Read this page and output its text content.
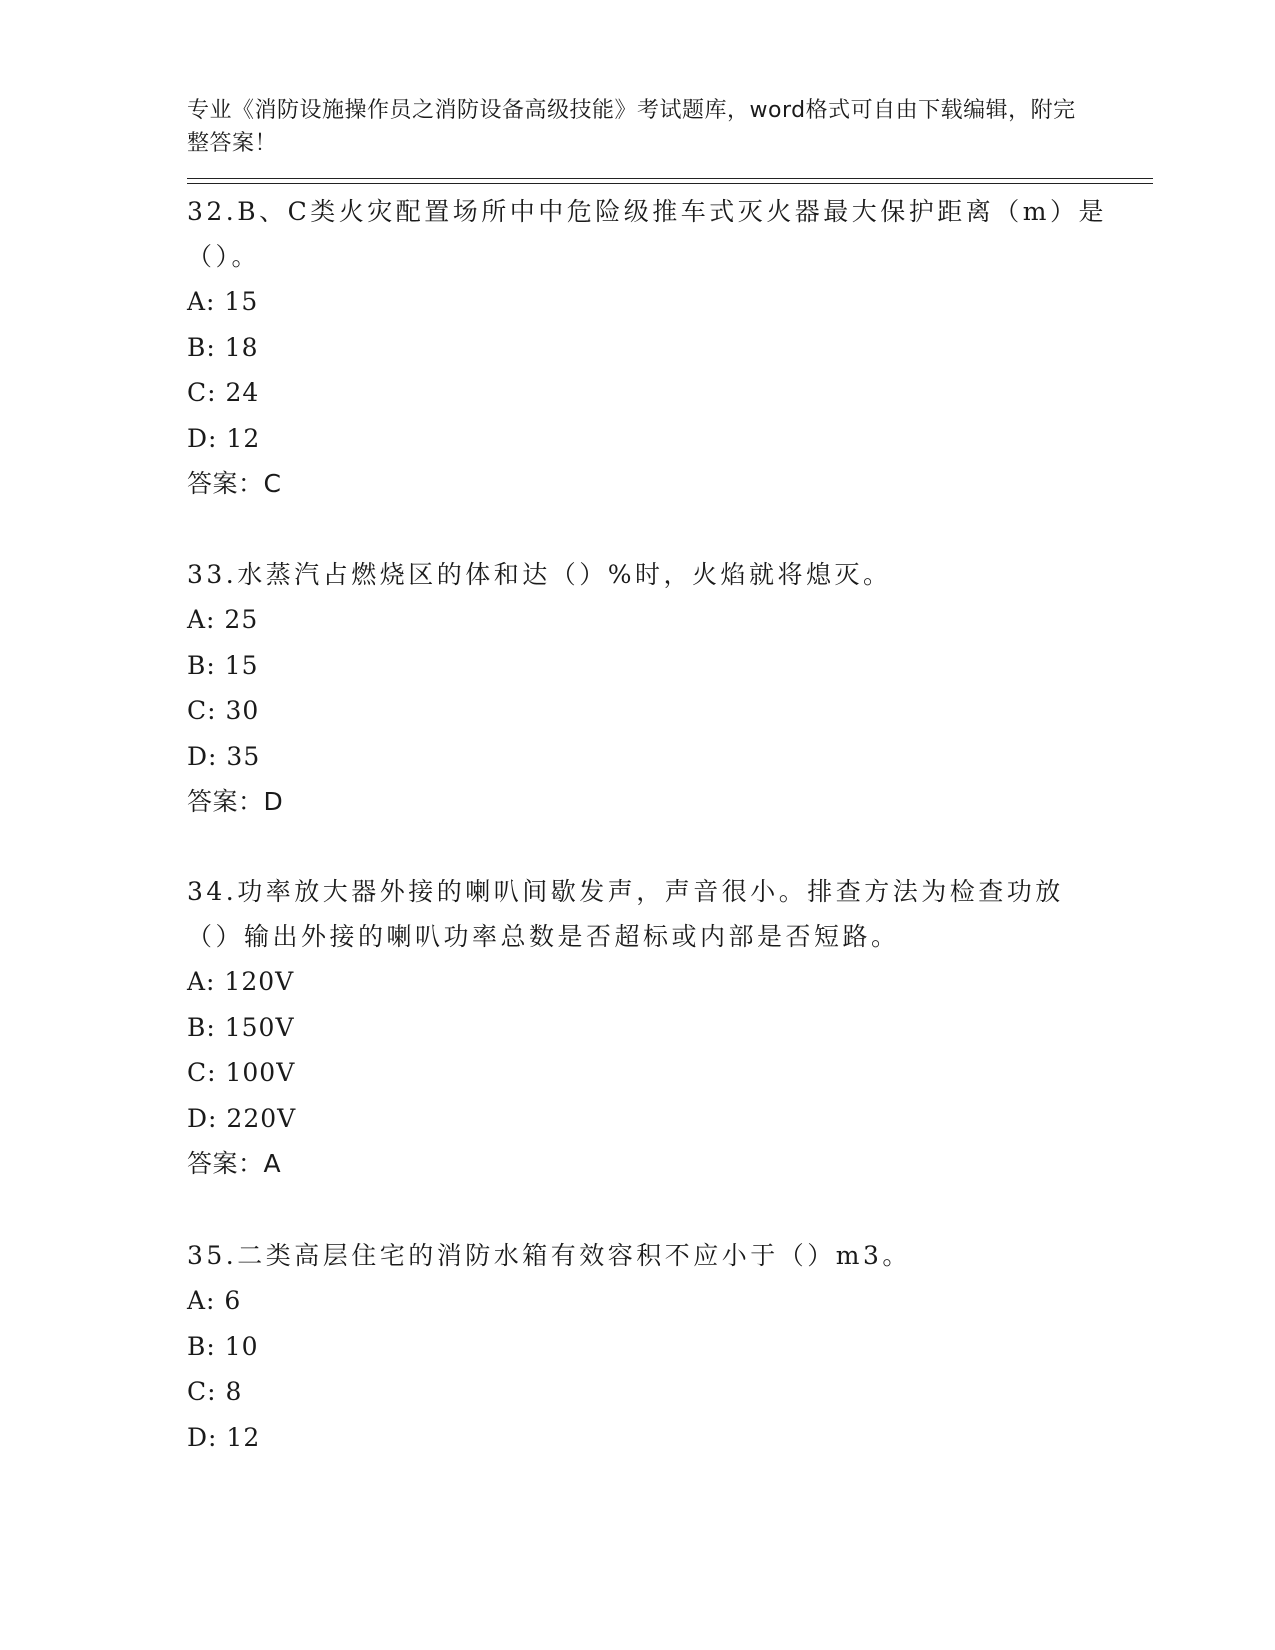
专业《消防设施操作员之消防设备高级技能》考试题库，word格式可自由下载编辑，附完整答案！

32.B、C类火灾配置场所中中危险级推车式灭火器最大保护距离（m）是（）。

A: 15

B: 18

C: 24

D: 12

答案：C

33.水蒸汽占燃烧区的体和达（）%时，火焰就将熄灭。

A: 25

B: 15

C: 30

D: 35

答案：D

34.功率放大器外接的喇叭间歇发声，声音很小。排查方法为检查功放（）输出外接的喇叭功率总数是否超标或内部是否短路。

A: 120V

B: 150V

C: 100V

D: 220V

答案：A

35.二类高层住宅的消防水箱有效容积不应小于（）m3。

A: 6

B: 10

C: 8

D: 12
